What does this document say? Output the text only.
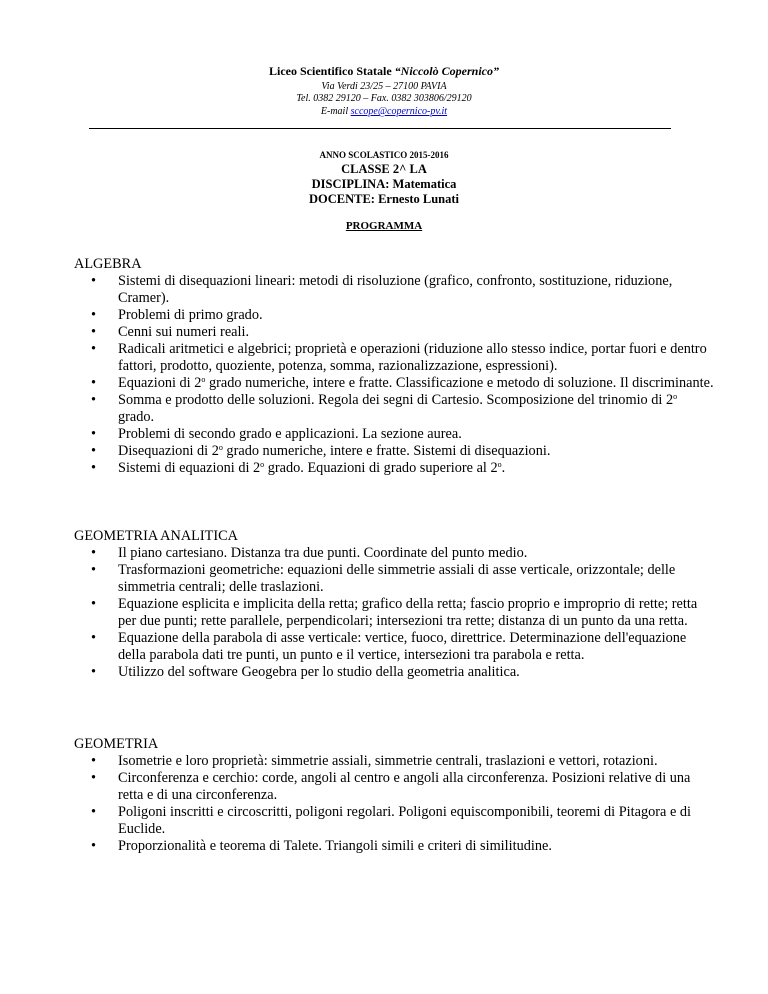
Liceo Scientifico Statale “Niccolò Copernico”
Via Verdi 23/25 – 27100 PAVIA
Tel. 0382 29120 – Fax. 0382 303806/29120
E-mail sccope@copernico-pv.it
ANNO SCOLASTICO 2015-2016
CLASSE 2^ LA
DISCIPLINA: Matematica
DOCENTE: Ernesto Lunati
PROGRAMMA
ALGEBRA
• Sistemi di disequazioni lineari: metodi di risoluzione (grafico, confronto, sostituzione, riduzione, Cramer).
• Problemi di primo grado.
• Cenni sui numeri reali.
• Radicali aritmetici e algebrici; proprietà e operazioni (riduzione allo stesso indice, portar fuori e dentro fattori, prodotto, quoziente, potenza, somma, razionalizzazione, espressioni).
• Equazioni di 2$^o$ grado numeriche, intere e fratte. Classificazione e metodo di soluzione. Il discriminante.
• Somma e prodotto delle soluzioni. Regola dei segni di Cartesio. Scomposizione del trinomio di 2$^o$ grado.
• Problemi di secondo grado e applicazioni. La sezione aurea.
• Disequazioni di 2$^o$ grado numeriche, intere e fratte. Sistemi di disequazioni.
• Sistemi di equazioni di 2$^o$ grado. Equazioni di grado superiore al 2$^o$.
GEOMETRIA ANALITICA
• Il piano cartesiano. Distanza tra due punti. Coordinate del punto medio.
• Trasformazioni geometriche: equazioni delle simmetrie assiali di asse verticale, orizzontale; delle simmetria centrali; delle traslazioni.
• Equazione esplicita e implicita della retta; grafico della retta; fascio proprio e improprio di rette; retta per due punti; rette parallele, perpendicolari; intersezioni tra rette; distanza di un punto da una retta.
• Equazione della parabola di asse verticale: vertice, fuoco, direttrice. Determinazione dell'equazione della parabola dati tre punti, un punto e il vertice, intersezioni tra parabola e retta.
• Utilizzo del software Geogebra per lo studio della geometria analitica.
GEOMETRIA
• Isometrie e loro proprietà: simmetrie assiali, simmetrie centrali, traslazioni e vettori, rotazioni.
• Circonferenza e cerchio: corde, angoli al centro e angoli alla circonferenza. Posizioni relative di una retta e di una circonferenza.
• Poligoni inscritti e circoscritti, poligoni regolari. Poligoni equiscomponibili, teoremi di Pitagora e di Euclide.
• Proporzionalità e teorema di Talete. Triangoli simili e criteri di similitudine.
